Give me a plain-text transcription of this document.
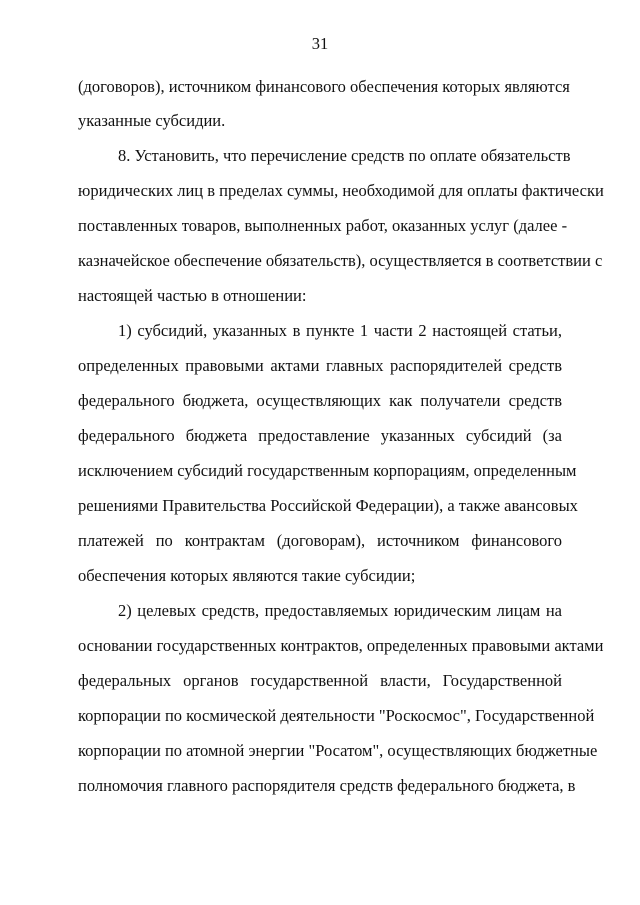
31
(договоров), источником финансового обеспечения которых являются
указанные субсидии.
8. Установить, что перечисление средств по оплате обязательств
юридических лиц в пределах суммы, необходимой для оплаты фактически
поставленных товаров, выполненных работ, оказанных услуг (далее -
казначейское обеспечение обязательств), осуществляется в соответствии с
настоящей частью в отношении:
1) субсидий, указанных в пункте 1 части 2 настоящей статьи,
определенных правовыми актами главных распорядителей средств
федерального бюджета, осуществляющих как получатели средств
федерального бюджета предоставление указанных субсидий (за
исключением субсидий государственным корпорациям, определенным
решениями Правительства Российской Федерации), а также авансовых
платежей по контрактам (договорам), источником финансового
обеспечения которых являются такие субсидии;
2) целевых средств, предоставляемых юридическим лицам на
основании государственных контрактов, определенных правовыми актами
федеральных органов государственной власти, Государственной
корпорации по космической деятельности "Роскосмос", Государственной
корпорации по атомной энергии "Росатом", осуществляющих бюджетные
полномочия главного распорядителя средств федерального бюджета, в
